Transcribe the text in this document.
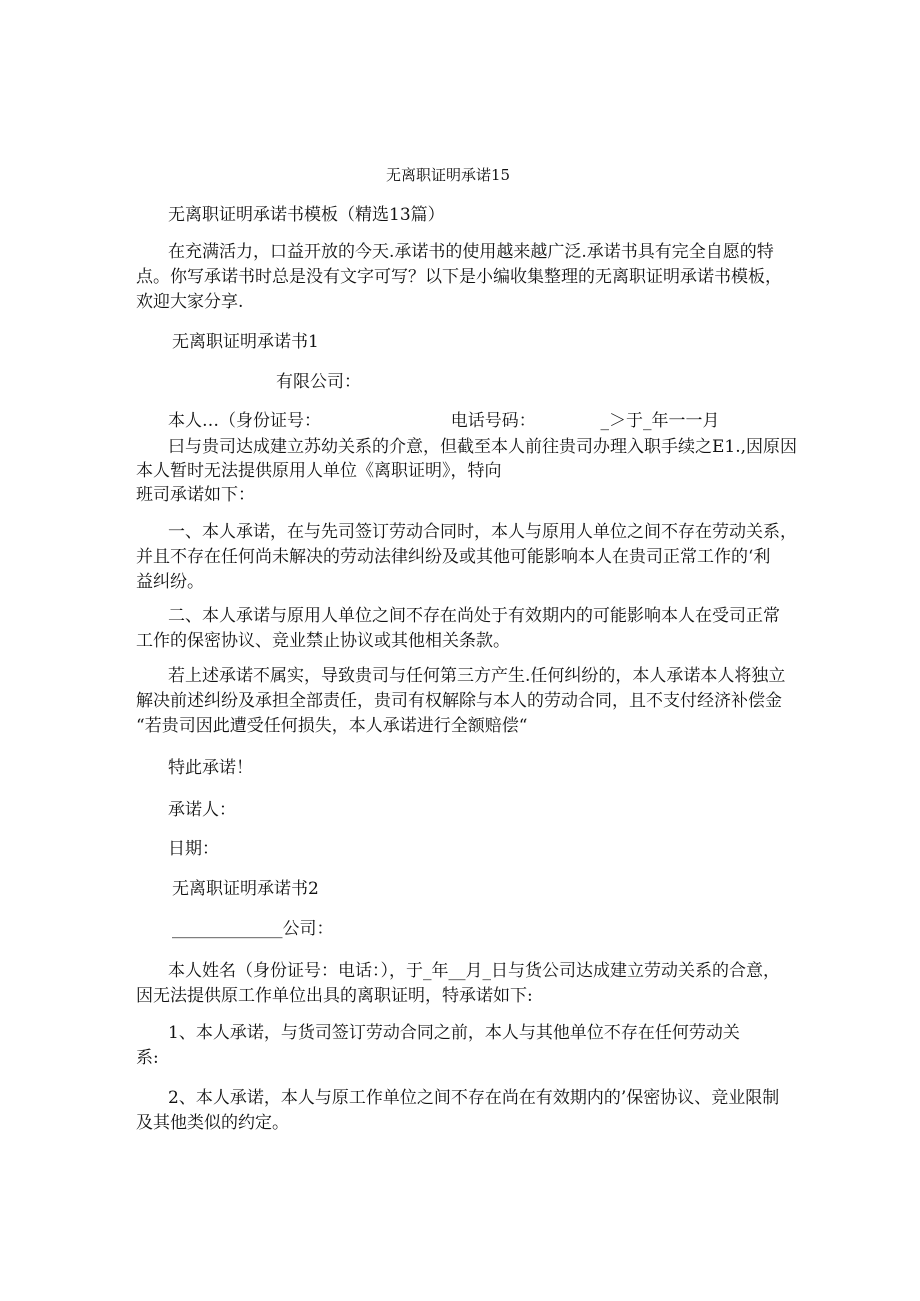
无离职证明承诺15
无离职证明承诺书模板（精选13篇）
在充满活力，口益开放的今天.承诺书的使用越来越广泛.承诺书具有完全自愿的特
点。你写承诺书时总是没有文字可写？以下是小编收集整理的无离职证明承诺书模板，
欢迎大家分享.
无离职证明承诺书1
有限公司：
本人…（身份证号：                        电话号码：            _＞于_年一一月
曰与贵司达成建立苏幼关系的介意，但截至本人前往贵司办理入职手续之E1.,因原因
本人暂时无法提供原用人单位《离职证明》，特向
班司承诺如下：
一、本人承诺，在与先司签订劳动合同时，本人与原用人单位之间不存在劳动关系，
并且不存在任何尚未解决的劳动法律纠纷及或其他可能影响本人在贵司正常工作的‘利
益纠纷。
二、本人承诺与原用人单位之间不存在尚处于有效期内的可能影响本人在受司正常
工作的保密协议、竞业禁止协议或其他相关条款。
若上述承诺不属实，导致贵司与任何第三方产生.任何纠纷的，本人承诺本人将独立
解决前述纠纷及承担全部责任，贵司有权解除与本人的劳动合同，且不支付经济补偿金
“若贵司因此遭受任何损失，本人承诺进行全额赔偿“
特此承诺！
承诺人：
日期：
无离职证明承诺书2
_____________公司：
本人姓名（身份证号：电话：），于_年__月_日与货公司达成建立劳动关系的合意，
因无法提供原工作单位出具的离职证明，特承诺如下:
1、本人承诺，与货司签订劳动合同之前，本人与其他单位不存在任何劳动关
系:
2、本人承诺，本人与原工作单位之间不存在尚在有效期内的’保密协议、竞业限制
及其他类似的约定。
